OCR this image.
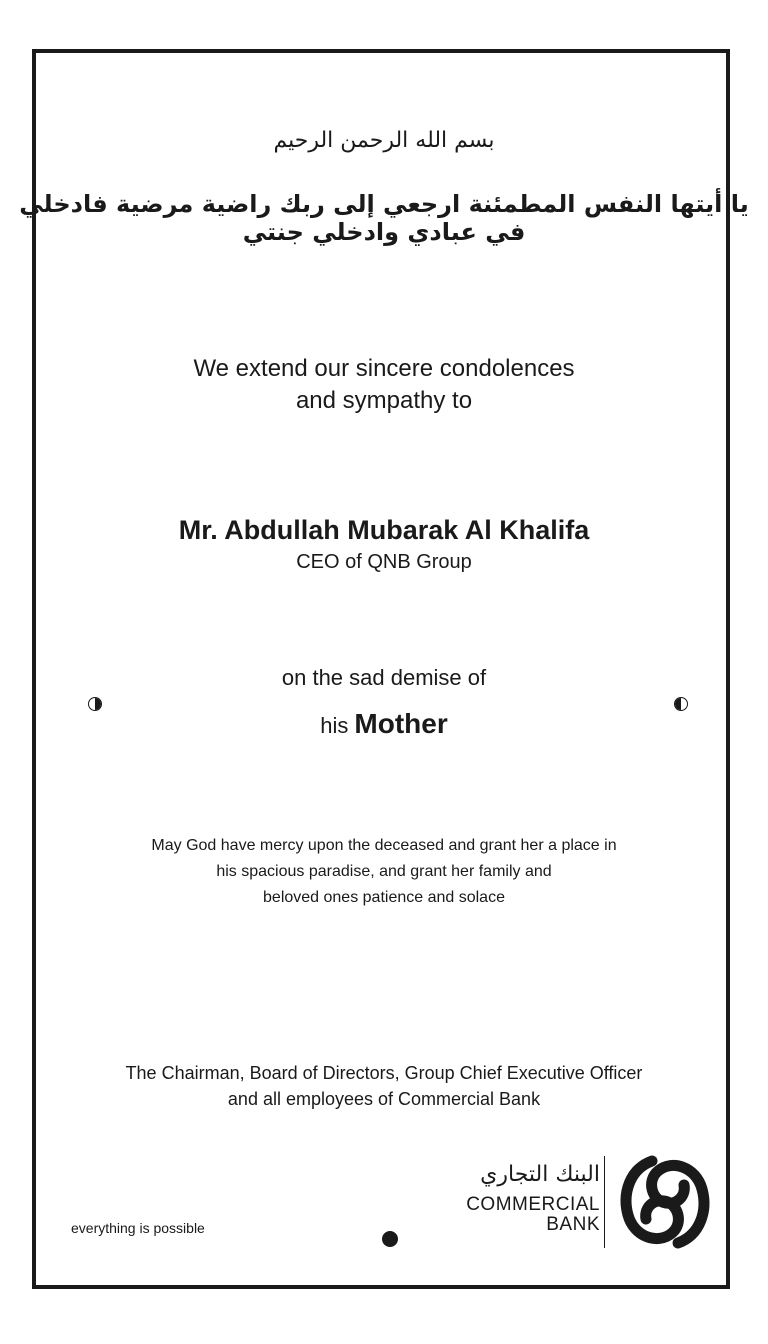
بسم الله الرحمن الرحيم
يا أيتها النفس المطمئنة ارجعي إلى ربك راضية مرضية فادخلي في عبادي وادخلي جنتي
We extend our sincere condolences
and sympathy to
Mr. Abdullah Mubarak Al Khalifa
CEO of QNB Group
on the sad demise of
his Mother
May God have mercy upon the deceased and grant her a place in
his spacious paradise, and grant her family and
beloved ones patience and solace
The Chairman, Board of Directors, Group Chief Executive Officer
and all employees of Commercial Bank
everything is possible
البنك التجاري
COMMERCIAL
BANK
